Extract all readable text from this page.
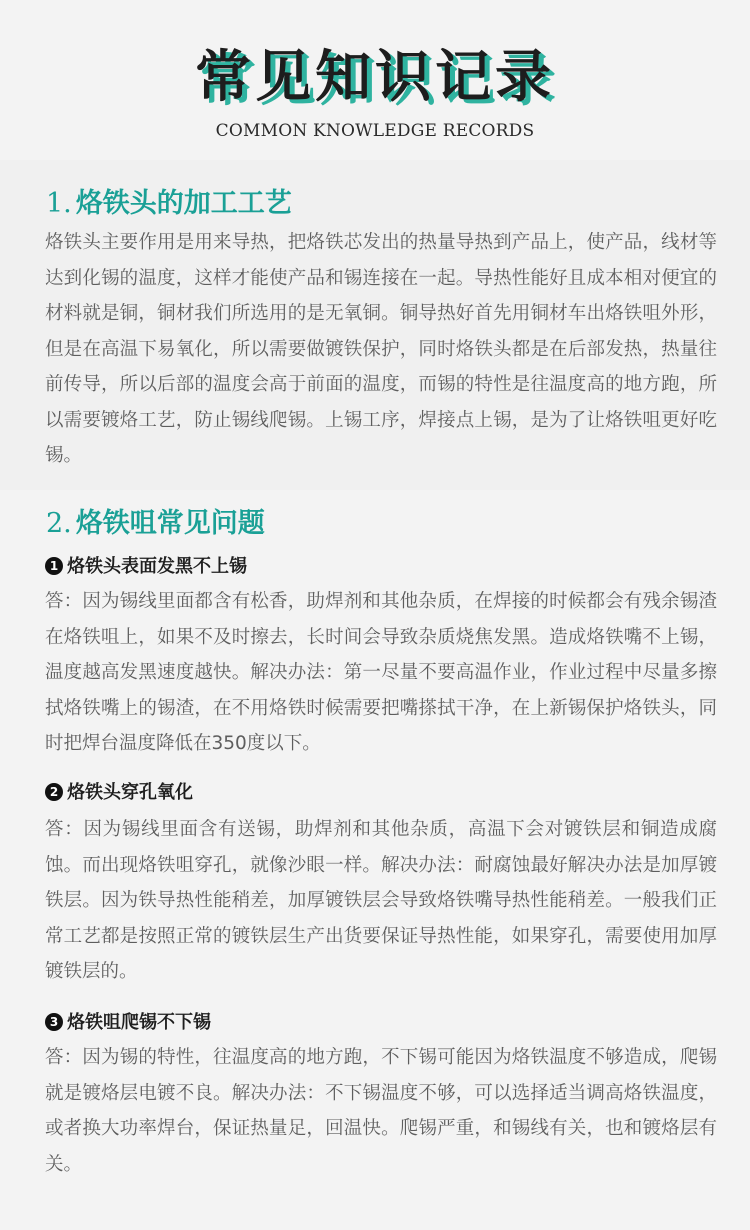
常见知识记录
COMMON KNOWLEDGE RECORDS
1. 烙铁头的加工工艺
烙铁头主要作用是用来导热，把烙铁芯发出的热量导热到产品上，使产品，线材等达到化锡的温度，这样才能使产品和锡连接在一起。导热性能好且成本相对便宜的材料就是铜，铜材我们所选用的是无氧铜。铜导热好首先用铜材车出烙铁咀外形，但是在高温下易氧化，所以需要做镀铁保护，同时烙铁头都是在后部发热，热量往前传导，所以后部的温度会高于前面的温度，而锡的特性是往温度高的地方跑，所以需要镀烙工艺，防止锡线爬锡。上锡工序，焊接点上锡，是为了让烙铁咀更好吃锡。
2. 烙铁咀常见问题
1 烙铁头表面发黑不上锡
答：因为锡线里面都含有松香，助焊剂和其他杂质，在焊接的时候都会有残余锡渣在烙铁咀上，如果不及时擦去，长时间会导致杂质烧焦发黑。造成烙铁嘴不上锡，温度越高发黑速度越快。解决办法：第一尽量不要高温作业，作业过程中尽量多擦拭烙铁嘴上的锡渣，在不用烙铁时候需要把嘴搽拭干净，在上新锡保护烙铁头，同时把焊台温度降低在350度以下。
2 烙铁头穿孔氧化
答：因为锡线里面含有送锡，助焊剂和其他杂质，高温下会对镀铁层和铜造成腐蚀。而出现烙铁咀穿孔，就像沙眼一样。解决办法：耐腐蚀最好解决办法是加厚镀铁层。因为铁导热性能稍差，加厚镀铁层会导致烙铁嘴导热性能稍差。一般我们正常工艺都是按照正常的镀铁层生产出货要保证导热性能，如果穿孔，需要使用加厚镀铁层的。
3 烙铁咀爬锡不下锡
答：因为锡的特性，往温度高的地方跑，不下锡可能因为烙铁温度不够造成，爬锡就是镀烙层电镀不良。解决办法：不下锡温度不够，可以选择适当调高烙铁温度，或者换大功率焊台，保证热量足，回温快。爬锡严重，和锡线有关，也和镀烙层有关。
